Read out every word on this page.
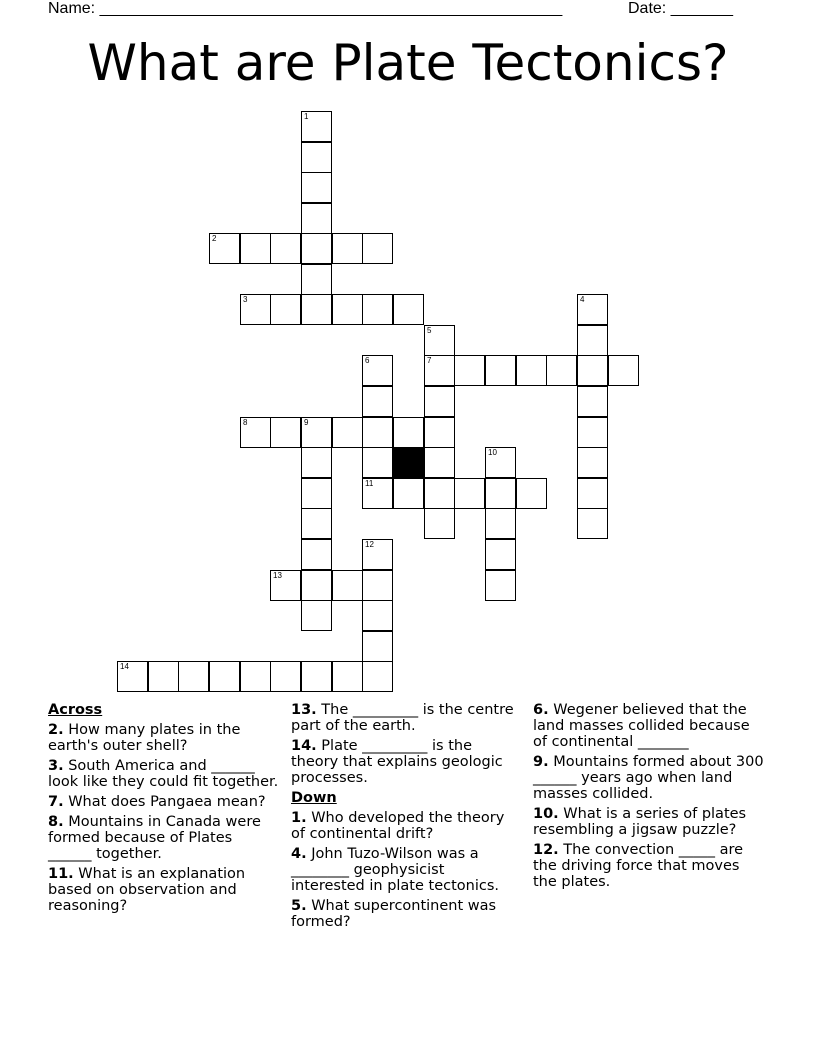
Name: ____________________________________________________	Date: _______
What are Plate Tectonics?
1
2
3	4
5
6	7
8	9
10
11
12
13
14
Across
2. How many plates in the earth's outer shell?
3. South America and ______ look like they could fit together.
7. What does Pangaea mean?
8. Mountains in Canada were formed because of Plates ______ together.
11. What is an explanation based on observation and reasoning?
13. The _________ is the centre part of the earth.
14. Plate _________ is the theory that explains geologic processes.
Down
1. Who developed the theory of continental drift?
4. John Tuzo-Wilson was a ________ geophysicist interested in plate tectonics.
5. What supercontinent was formed?
6. Wegener believed that the land masses collided because of continental _______
9. Mountains formed about 300 ______ years ago when land masses collided.
10. What is a series of plates resembling a jigsaw puzzle?
12. The convection _____ are the driving force that moves the plates.
